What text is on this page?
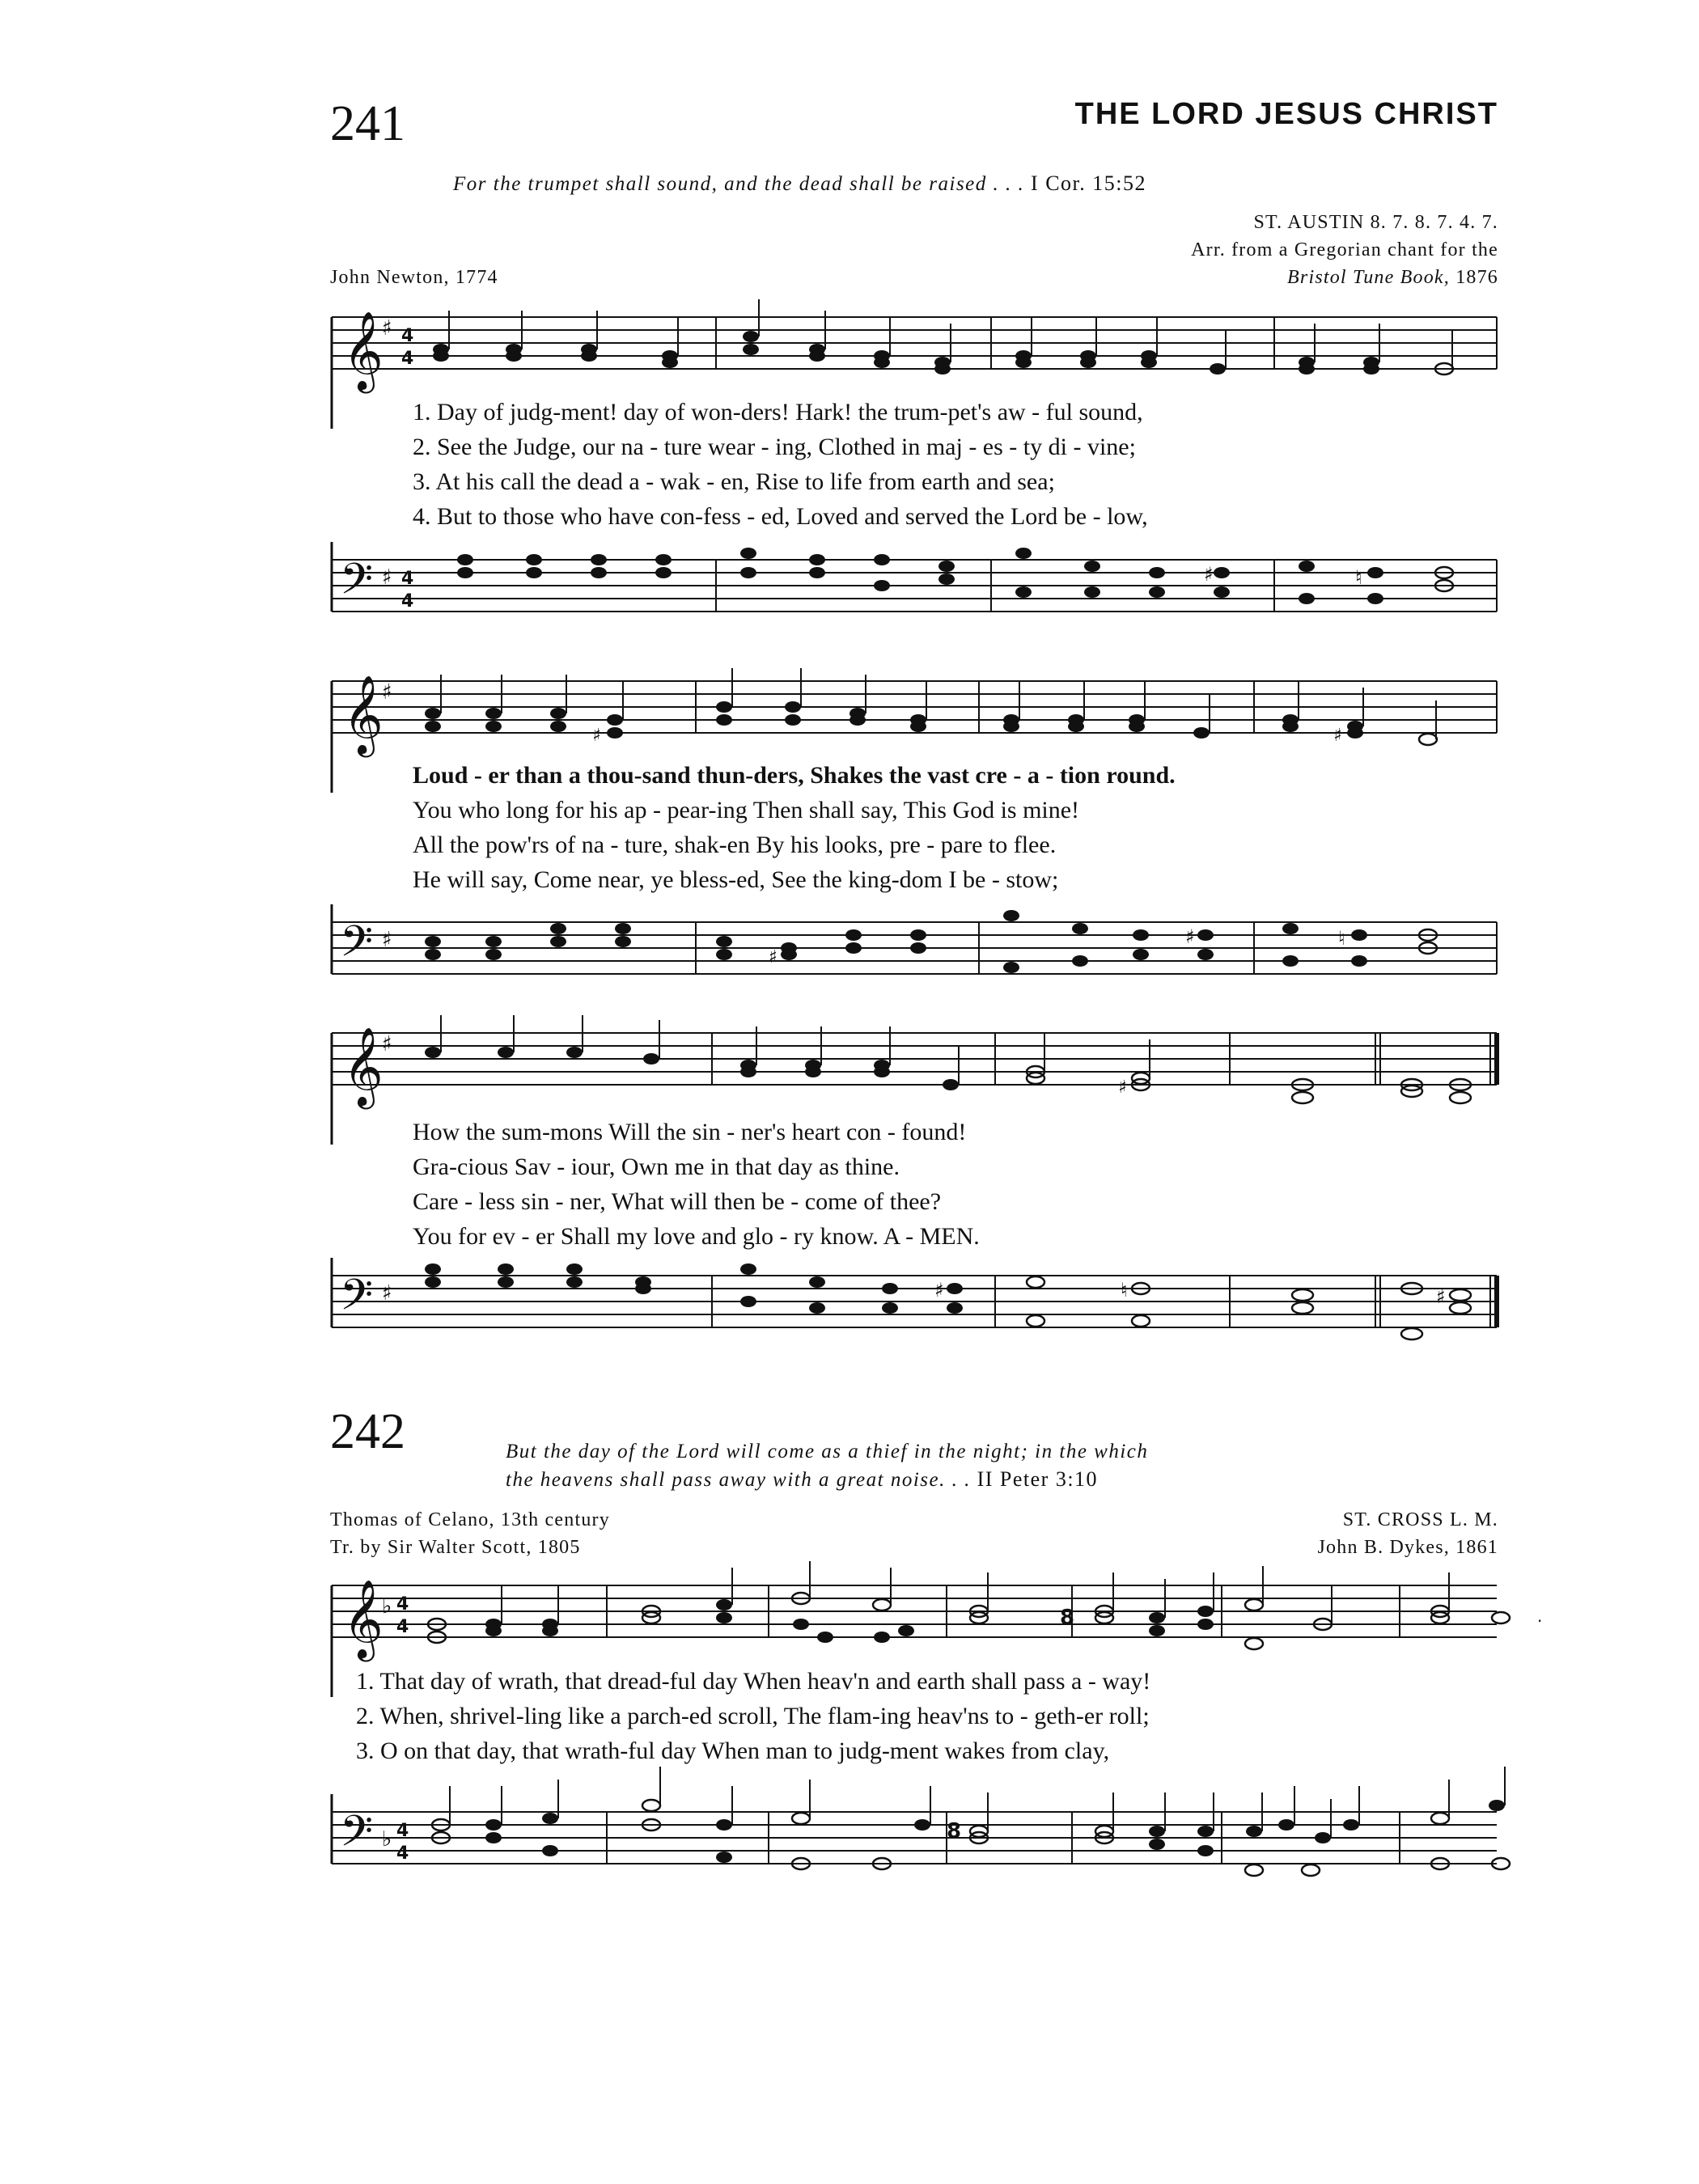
241	THE LORD JESUS CHRIST
For the trumpet shall sound, and the dead shall be raised . . . I Cor. 15:52
ST. AUSTIN 8. 7. 8. 7. 4. 7.
Arr. from a Gregorian chant for the
Bristol Tune Book, 1876
John Newton, 1774
𝄞
♯ 4
4
1. Day of judg-ment! day of won-ders! Hark! the trum-pet's aw - ful sound,
2. See the Judge, our na - ture wear - ing, Clothed in maj - es - ty di - vine;
3. At his call the dead a - wak - en, Rise to life from earth and sea;
4. But to those who have con-fess - ed, Loved and served the Lord be - low,
𝄢 ♯ 4
4
♯	♮
𝄞
♯
♯	♯
Loud - er than a thou-sand thun-ders, Shakes the vast cre - a - tion round.
You who long for his ap - pear-ing Then shall say, This God is mine!
All the pow'rs of na - ture, shak-en By his looks, pre - pare to flee.
He will say, Come near, ye bless-ed, See the king-dom I be - stow;
𝄢 ♯
♯
♯	♮
𝄞
♯
♯
How the sum-mons Will the sin - ner's heart con - found!
Gra-cious Sav - iour, Own me in that day as thine.
Care - less sin - ner, What will then be - come of thee?
You for ev - er Shall my love and glo - ry know. A - MEN.
𝄢 ♯	♯	♮	♯
242	But the day of the Lord will come as a thief in the night; in the which
the heavens shall pass away with a great noise. . . II Peter 3:10
Thomas of Celano, 13th century
Tr. by Sir Walter Scott, 1805
ST. CROSS L. M.
John B. Dykes, 1861
𝄞
♭ 4
4
.
8
1. That day of wrath, that dread-ful day When heav'n and earth shall pass a - way!
2. When, shrivel-ling like a parch-ed scroll, The flam-ing heav'ns to - geth-er roll;
3. O on that day, that wrath-ful day When man to judg-ment wakes from clay,
𝄢 ♭ 4
4
8
